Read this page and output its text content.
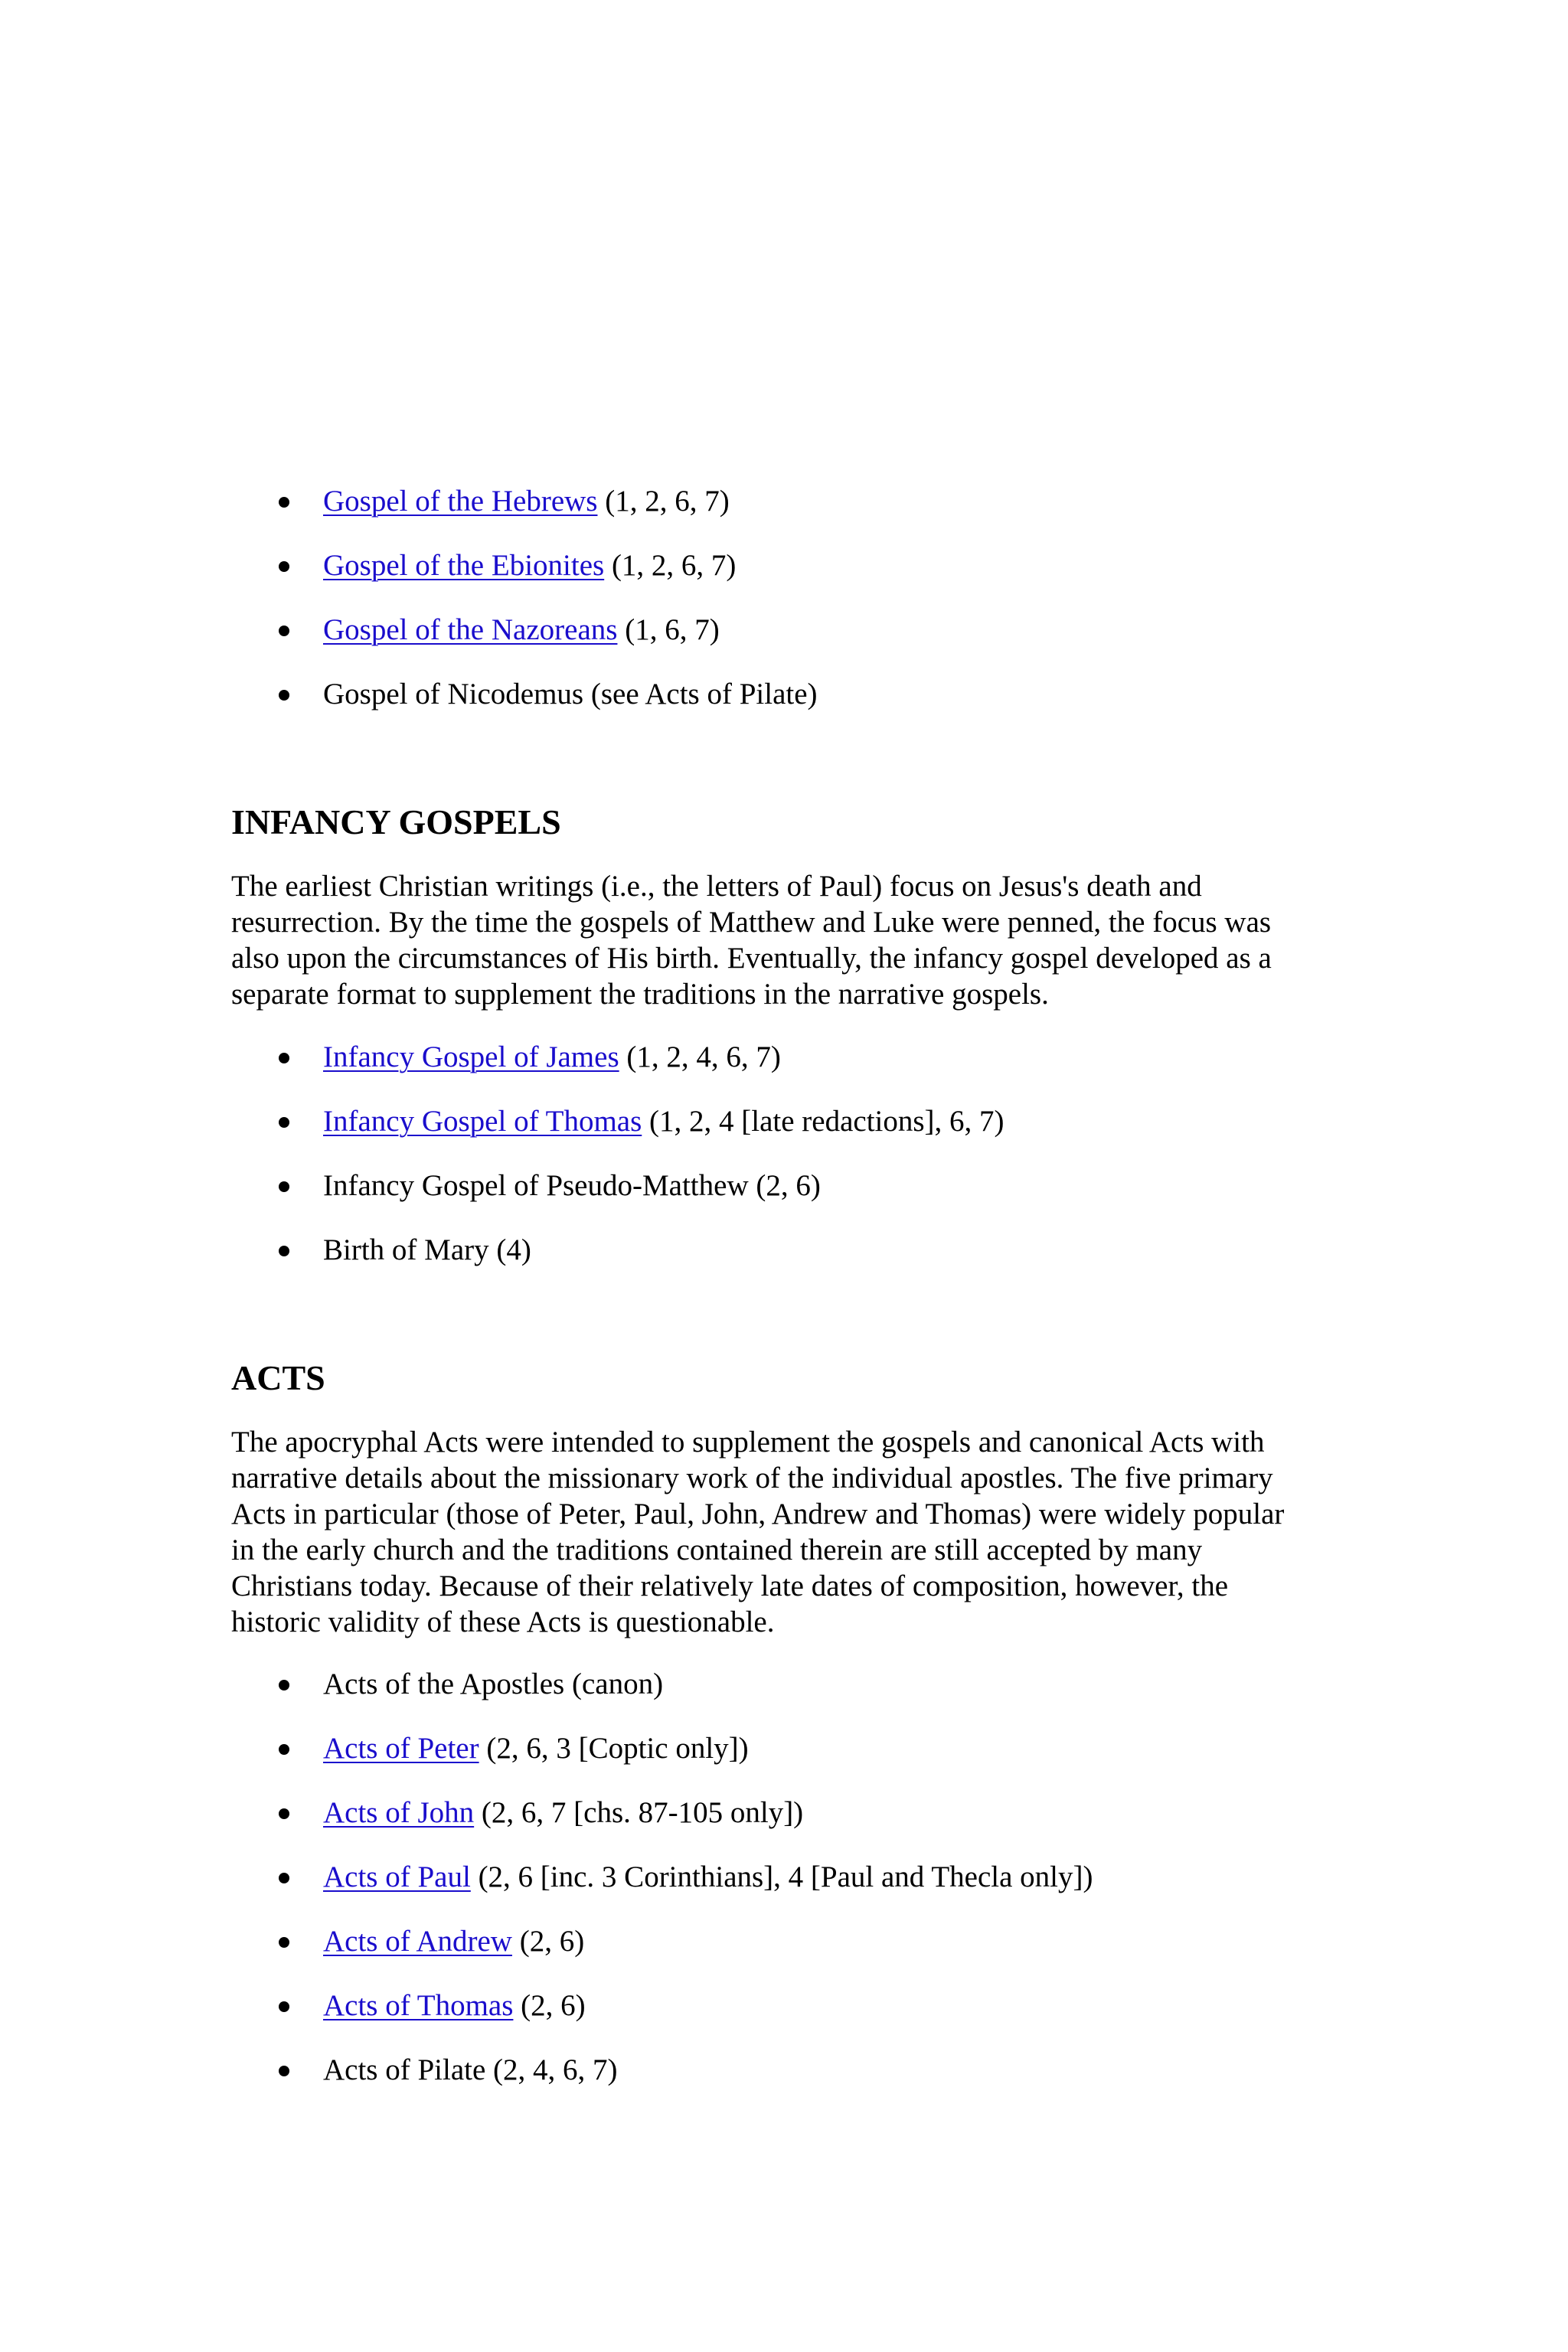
Gospel of the Hebrews (1, 2, 6, 7)
Gospel of the Ebionites (1, 2, 6, 7)
Gospel of the Nazoreans (1, 6, 7)
Gospel of Nicodemus (see Acts of Pilate)
INFANCY GOSPELS

The earliest Christian writings (i.e., the letters of Paul) focus on Jesus's death and

resurrection. By the time the gospels of Matthew and Luke were penned, the focus was

also upon the circumstances of His birth. Eventually, the infancy gospel developed as a

separate format to supplement the traditions in the narrative gospels.

Infancy Gospel of James (1, 2, 4, 6, 7)
Infancy Gospel of Thomas (1, 2, 4 [late redactions], 6, 7)
Infancy Gospel of Pseudo-Matthew (2, 6)
Birth of Mary (4)
ACTS

The apocryphal Acts were intended to supplement the gospels and canonical Acts with

narrative details about the missionary work of the individual apostles. The five primary

Acts in particular (those of Peter, Paul, John, Andrew and Thomas) were widely popular

in the early church and the traditions contained therein are still accepted by many

Christians today. Because of their relatively late dates of composition, however, the

historic validity of these Acts is questionable.

Acts of the Apostles (canon)
Acts of Peter (2, 6, 3 [Coptic only])
Acts of John (2, 6, 7 [chs. 87-105 only])
Acts of Paul (2, 6 [inc. 3 Corinthians], 4 [Paul and Thecla only])
Acts of Andrew (2, 6)
Acts of Thomas (2, 6)
Acts of Pilate (2, 4, 6, 7)
